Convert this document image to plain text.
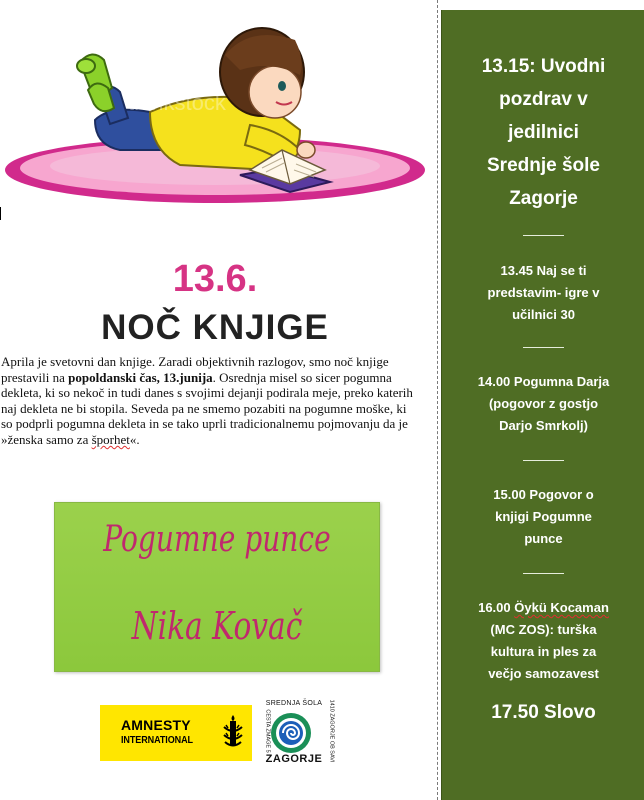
thinkstock
13.6.
NOČ KNJIGE

Aprila je svetovni dan knjige. Zaradi objektivnih razlogov, smo noč knjige prestavili na popoldanski čas, 13.junija. Osrednja misel so sicer pogumna dekleta, ki so nekoč in tudi danes s svojimi dejanji podirala meje, preko katerih naj dekleta ne bi stopila. Seveda pa ne smemo pozabiti na pogumne moške, ki so podprli pogumna dekleta in se tako uprli tradicionalnemu pojmovanju da je »ženska samo za šporhet«.

Pogumne punce
Nika Kovač
AMNESTY
INTERNATIONAL
SREDNJA ŠOLA
CESTA ZMAGE 5	1410 ZAGORJE OB SAVI
ZAGORJE
13.15: Uvodni
pozdrav v
jedilnici
Srednje šole
Zagorje
13.45 Naj se ti
predstavim- igre v
učilnici 30
14.00 Pogumna Darja
(pogovor z gostjo
Darjo Smrkolj)
15.00 Pogovor o
knjigi Pogumne
punce
16.00 Öykü Kocaman
(MC ZOS): turška
kultura in ples za
večjo samozavest
17.50 Slovo
